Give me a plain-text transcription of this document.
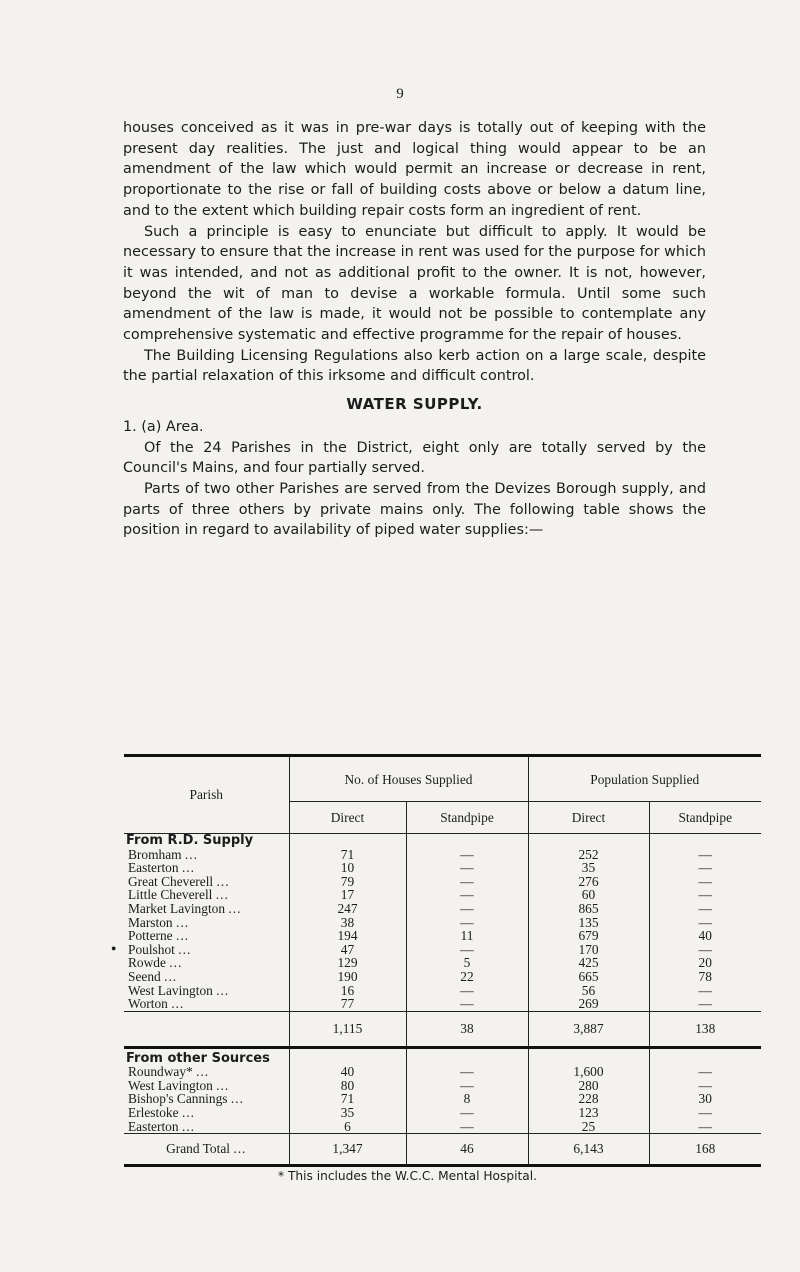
9

houses conceived as it was in pre-war days is totally out of keeping with the present day realities. The just and logical thing would appear to be an amendment of the law which would permit an increase or decrease in rent, proportionate to the rise or fall of building costs above or below a datum line, and to the extent which building repair costs form an ingredient of rent.

Such a principle is easy to enunciate but difficult to apply. It would be necessary to ensure that the increase in rent was used for the purpose for which it was intended, and not as additional profit to the owner. It is not, however, beyond the wit of man to devise a workable formula. Until some such amendment of the law is made, it would not be possible to contemplate any comprehensive systematic and effective programme for the repair of houses.

The Building Licensing Regulations also kerb action on a large scale, despite the partial relaxation of this irksome and difficult control.

WATER SUPPLY.

1. (a) Area.

Of the 24 Parishes in the District, eight only are totally served by the Council's Mains, and four partially served.

Parts of two other Parishes are served from the Devizes Borough supply, and parts of three others by private mains only. The following table shows the position in regard to availability of piped water supplies:—

Parish	No. of Houses Supplied		Population Supplied	
	Direct	Standpipe	Direct	Standpipe
From R.D. Supply				
Bromham ...	71	—	252	—
Easterton ...	10	—	35	—
Great Cheverell ...	79	—	276	—
Little Cheverell ...	17	—	60	—
Market Lavington ...	247	—	865	—
Marston ...	38	—	135	—
Potterne ...	194	11	679	40
Poulshot ...	47	—	170	—
Rowde ...	129	5	425	20
Seend ...	190	22	665	78
West Lavington ...	16	—	56	—
Worton ...	77	—	269	—
	1,115	38	3,887	138
From other Sources				
Roundway* ...	40	—	1,600	—
West Lavington ...	80	—	280	—
Bishop's Cannings ...	71	8	228	30
Erlestoke ...	35	—	123	—
Easterton ...	6	—	25	—
Grand Total ...	1,347	46	6,143	168
* This includes the W.C.C. Mental Hospital.
●
